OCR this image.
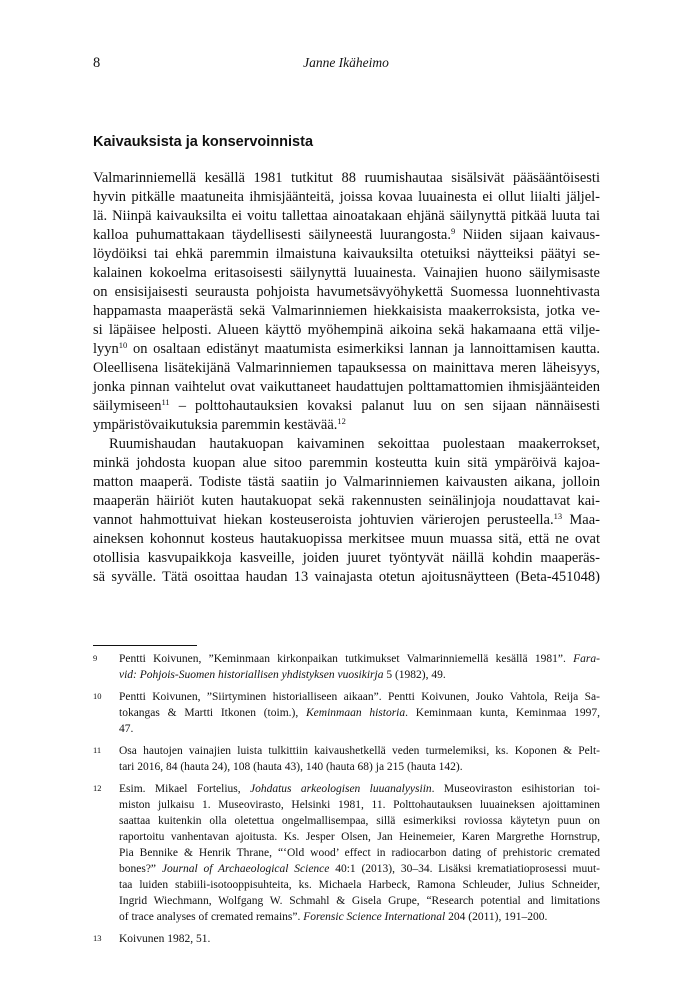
8	Janne Ikäheimo
Kaivauksista ja konservoinnista

Valmarinniemellä kesällä 1981 tutkitut 88 ruumishautaa sisälsivät pääsääntöisesti
hyvin pitkälle maatuneita ihmisjäänteitä, joissa kovaa luuainesta ei ollut liialti jäljel-
lä. Niinpä kaivauksilta ei voitu tallettaa ainoatakaan ehjänä säilynyttä pitkää luuta tai
kalloa puhumattakaan täydellisesti säilyneestä luurangosta.$^9$ Niiden sijaan kaivaus-
löydöiksi tai ehkä paremmin ilmaistuna kaivauksilta otetuiksi näytteiksi päätyi se-
kalainen kokoelma eritasoisesti säilynyttä luuainesta. Vainajien huono säilymisaste
on ensisijaisesti seurausta pohjoista havumetsävyöhykettä Suomessa luonnehtivasta
happamasta maaperästä sekä Valmarinniemen hiekkaisista maakerroksista, jotka ve-
si läpäisee helposti. Alueen käyttö myöhempinä aikoina sekä hakamaana että vilje-
lyyn$^{10}$ on osaltaan edistänyt maatumista esimerkiksi lannan ja lannoittamisen kautta.
Oleellisena lisätekijänä Valmarinniemen tapauksessa on mainittava meren läheisyys,
jonka pinnan vaihtelut ovat vaikuttaneet haudattujen polttamattomien ihmisjäänteiden
säilymiseen$^{11}$ – polttohautauksien kovaksi palanut luu on sen sijaan nännäisesti
ympäristövaikutuksia paremmin kestävää.$^{12}$

Ruumishaudan hautakuopan kaivaminen sekoittaa puolestaan maakerrokset,
minkä johdosta kuopan alue sitoo paremmin kosteutta kuin sitä ympäröivä kajoa-
matton maaperä. Todiste tästä saatiin jo Valmarinniemen kaivausten aikana, jolloin
maaperän häiriöt kuten hautakuopat sekä rakennusten seinälinjoja noudattavat kai-
vannot hahmottuivat hiekan kosteuseroista johtuvien värierojen perusteella.$^{13}$ Maa-
aineksen kohonnut kosteus hautakuopissa merkitsee muun muassa sitä, että ne ovat
otollisia kasvupaikkoja kasveille, joiden juuret työntyvät näillä kohdin maaperäs-
sä syvälle. Tätä osoittaa haudan 13 vainajasta otetun ajoitusnäytteen (Beta-451048)

9 Pentti Koivunen, ”Keminmaan kirkonpaikan tutkimukset Valmarinniemellä kesällä 1981”. Fara-
vid: Pohjois-Suomen historiallisen yhdistyksen vuosikirja 5 (1982), 49.
10 Pentti Koivunen, ”Siirtyminen historialliseen aikaan”. Pentti Koivunen, Jouko Vahtola, Reija Sa-
tokangas & Martti Itkonen (toim.), Keminmaan historia. Keminmaan kunta, Keminmaa 1997,
47.
11 Osa hautojen vainajien luista tulkittiin kaivaushetkellä veden turmelemiksi, ks. Koponen & Pelt-
tari 2016, 84 (hauta 24), 108 (hauta 43), 140 (hauta 68) ja 215 (hauta 142).
12 Esim. Mikael Fortelius, Johdatus arkeologisen luuanalyysiin. Museoviraston esihistorian toi-
miston julkaisu 1. Museovirasto, Helsinki 1981, 11. Polttohautauksen luuaineksen ajoittaminen
saattaa kuitenkin olla oletettua ongelmallisempaa, sillä esimerkiksi roviossa käytetyn puun on
raportoitu vanhentavan ajoitusta. Ks. Jesper Olsen, Jan Heinemeier, Karen Margrethe Hornstrup,
Pia Bennike & Henrik Thrane, “‘Old wood’ effect in radiocarbon dating of prehistoric cremated
bones?” Journal of Archaeological Science 40:1 (2013), 30–34. Lisäksi krematiatioprosessi muut-
taa luiden stabiili-isotooppisuhteita, ks. Michaela Harbeck, Ramona Schleuder, Julius Schneider,
Ingrid Wiechmann, Wolfgang W. Schmahl & Gisela Grupe, “Research potential and limitations
of trace analyses of cremated remains”. Forensic Science International 204 (2011), 191–200.
13 Koivunen 1982, 51.
